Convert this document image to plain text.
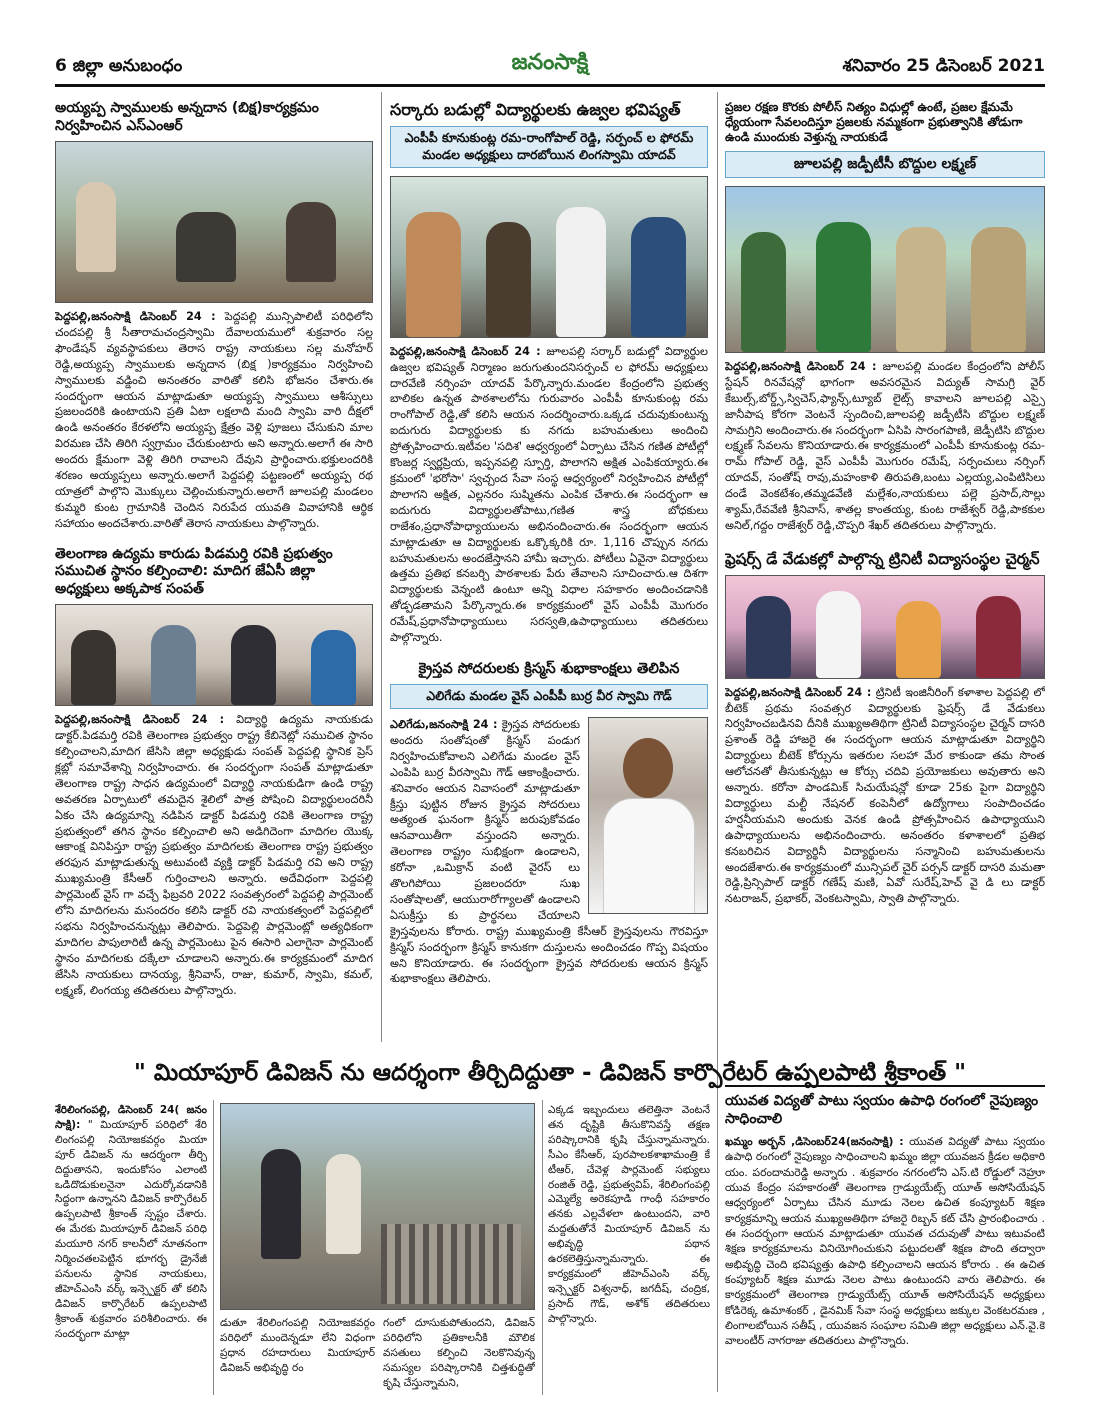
6 జిల్లా అనుబంధం	జనంసాక్షి	శనివారం 25 డిసెంబర్ 2021
అయ్యప్ప స్వాములకు అన్నదాన (బిక్ష)కార్యక్రమం నిర్వహించిన ఎస్ఎంఆర్

పెద్దపల్లి,జనంసాక్షి డిసెంబర్ 24 : పెద్దపల్లి మున్సిపాలిటీ పరిధిలోని చందపల్లి శ్రీ సీతారామచంద్రస్వామి దేవాలయములో శుక్రవారం సల్ల ఫౌండేషన్ వ్యవస్థాపకులు తెరాస రాష్ట్ర నాయకులు సల్ల మనోహర్ రెడ్డి,అయ్యప్ప స్వాములకు అన్నదాన (బిక్ష )కార్యక్రమం నిర్వహించి స్వాములకు వడ్డించి అనంతరం వారితో కలిసి భోజనం చేశారు.ఈ సందర్భంగా ఆయన మాట్లాడుతూ అయ్యప్ప స్వాములు ఆశీస్సులు ప్రజలందరికి ఉంటాయని ప్రతి ఏటా లక్షలాది మంది స్వామి వారి దీక్షలో ఉండి అనంతరం కేరళలోని అయ్యప్ప క్షేత్రం వెళ్లి పూజలు చేసుకుని మాల విరమణ చేసి తిరిగి స్వగ్రామం చేరుకుంటారు అని అన్నారు.అలాగే ఈ సారి అందరు క్షేమంగా వెళ్లి తిరిగి రావాలని దేవుని ప్రార్థించారు.భక్తులందరికి శరణం అయ్యప్పలు అన్నారు.అలాగే పెద్దపల్లి పట్టణంలో అయ్యప్ప రథ యాత్రలో పాల్గొని మొక్కులు చెల్లించుకున్నారు.అలాగే జూలపల్లి మండలం కుమ్మరి కుంట గ్రామానికి చెందిన నిరుపేద యువతి వివాహానికి ఆర్థిక సహాయం అందచేశారు.వారితో తెరాస నాయకులు పాల్గొన్నారు.

తెలంగాణ ఉద్యమ కారుడు పిడమర్తి రవికి ప్రభుత్వం సముచిత స్థానం కల్పించాలి: మాదిగ జేఏసీ జిల్లా అధ్యక్షులు అక్కపాక సంపత్

పెద్దపల్లి,జనంసాక్షి డిసెంబర్ 24 : విద్యార్థి ఉద్యమ నాయకుడు డాక్టర్.పిడమర్తి రవికి తెలంగాణ ప్రభుత్వం రాష్ట్ర కేబినెట్లో సముచిత స్థానం కల్పించాలని,మాదిగ జేసిసి జిల్లా అధ్యక్షుడు సంపత్ పెద్దపల్లి స్థానిక ప్రెస్ క్లబ్లో సమావేశాన్ని నిర్వహించారు. ఈ సందర్భంగా సంపత్ మాట్లాడుతూ తెలంగాణ రాష్ట్ర సాధన ఉద్యమంలో విద్యార్థి నాయకుడిగా ఉండి రాష్ట్ర అవతరణ ఏర్పాటులో తమదైన శైలిలో పాత్ర పోషించి విద్యార్థులందరినీ ఏకం చేసి ఉద్యమాన్ని నడిపిన డాక్టర్ పిడమర్తి రవికి తెలంగాణ రాష్ట్ర ప్రభుత్వంలో తగిన స్థానం కల్పించాలి అని అడిగిదెంగా మాదిగల యొక్క ఆకాంక్ష వినిపిస్తూ రాష్ట్ర ప్రభుత్వం మాదిగలకు తెలంగాణ రాష్ట్ర ప్రభుత్వం తరఫున మాట్లాడుతున్న అటువంటి వ్యక్తి డాక్టర్ పిడమర్తి రవి అని రాష్ట్ర ముఖ్యమంత్రి కేసీఆర్ గుర్తించాలని అన్నారు. అదేవిధంగా పెద్దపల్లి పార్లమెంట్ వైస్ గా వచ్చే ఫిబ్రవరి 2022 సంవత్సరంలో పెద్దపల్లి పార్లమెంట్ లోని మాదిగలను మసందరం కలిసి డాక్టర్ రవి నాయకత్వంలో పెద్దపల్లిలో సభను నిర్వహించనున్నట్లు తెలిపారు. పెద్దపెల్లి పార్లమెంట్లో అత్యధికంగా మాదిగల పాపులారిటీ ఉన్న పార్లమెంటు పైన ఈసారి ఎలాగైనా పార్లమెంట్ స్థానం మాదిగలకు దక్కేలా చూడాలని అన్నారు.ఈ కార్యక్రమంలో మాదిగ జేసిసి నాయకులు దానయ్య, శ్రీనివాస్, రాజు, కుమార్, స్వామి, కమల్, లక్ష్మణ్, లింగయ్య తదితరులు పాల్గొన్నారు.

సర్కారు బడుల్లో విద్యార్థులకు ఉజ్వల భవిష్యత్
ఎంపీపీ కూనుకుంట్ల రమ-రాంగోపాల్ రెడ్డి, సర్పంచ్ ల ఫోరమ్ మండల అధ్యక్షులు దారబోయిన లింగస్వామి యాదవ్

పెద్దపల్లి,జనంసాక్షి డిసెంబర్ 24 : జూలపల్లి సర్కార్ బడుల్లో విద్యార్థుల ఉజ్వల భవిష్యత్ నిర్మాణం జరుగుతుందనిసర్పంచ్ ల ఫోరమ్ అధ్యక్షులు దారవేణి నర్సింహ యాదవ్ పేర్కొన్నారు.మండల కేంద్రంలోని ప్రభుత్వ బాలికల ఉన్నత పాఠశాలలోను గురువారం ఎంపీపీ కూనుకుంట్ల రమ రాంగోపాల్ రెడ్డి,తో కలిసి ఆయన సందర్శించారు.ఒక్కడ చదువుకుంటున్న ఐదుగురు విద్యార్థులకు కు నగదు బహుమతులు అందించి ప్రోత్సహించారు.ఇటీవల 'సదిశ' ఆధ్వర్యంలో ఏర్పాటు చేసిన గణిత పోటీల్లో కొంజర్ల స్వర్ణప్రియ, ఇప్పనపల్లి స్పూర్తి, పొలాగని అక్షిత ఎంపికయ్యారు.ఈ క్రమంలో 'భరోసా' స్వచ్చంద సేవా సంస్థ ఆధ్వర్యంలో నిర్వహించిన పోటీల్లో పొలాగని అక్షిత, ఎల్లనరం సుష్మితను ఎంపిక చేశారు.ఈ సందర్భంగా ఆ ఐదుగురు విద్యార్థులతోపాటు,గణిత శాస్త్ర బోధకులు రాజేశం,ప్రధానోపాధ్యాయులను అభినందించారు.ఈ సందర్భంగా ఆయన మాట్లాడుతూ ఆ విద్యార్థులకు ఒక్కొక్కరికి రూ. 1,116 చొప్పున నగదు బహుమతులను అందజేస్తానని హామీ ఇచ్చారు. పోటీలు ఏవైనా విద్యార్థులు ఉత్తమ ప్రతిభ కనబర్చి పాఠశాలకు పేరు తేవాలని సూచించారు.ఆ దిశగా విద్యార్థులకు వెన్నంటి ఉంటూ అన్ని విధాల సహకారం అందించడానికి తోడ్పడతామని పేర్కొన్నారు.ఈ కార్యక్రమంలో వైస్ ఎంపీపీ మొగురం రమేష్,ప్రధానోపాధ్యాయులు సరస్వతి,ఉపాధ్యాయులు తదితరులు పాల్గొన్నారు.

క్రైస్తవ సోదరులకు క్రిస్మస్ శుభాకాంక్షలు తెలిపిన
ఎలిగేడు మండల వైస్ ఎంపీపీ బుర్ర వీర స్వామి గౌడ్

ఎలిగేడు,జనంసాక్షి 24 : క్రైస్తవ సోదరులకు అందరు సంతోషంతో క్రిస్మస్ పండుగ నిర్వహించుకోవాలని ఎలిగేడు మండల వైస్ ఎంపిపి బుర్ర వీరస్వామి గౌడ్ ఆకాంక్షించారు. శనివారం ఆయన నివాసంలో మాట్లాడుతూ క్రీస్తు పుట్టిన రోజున క్రైస్తవ సోదరులు అత్యంత ఘనంగా క్రిస్మస్ జరుపుకోవడం ఆనవాయితీగా వస్తుందని అన్నారు. తెలంగాణ రాష్ట్రం సుభిక్షంగా ఉండాలని, కరోనా ,ఒమిక్రాన్ వంటి వైరస్ లు తొలగిపోయి ప్రజలందరూ సుఖ సంతోషాలతో, ఆయురారోగ్యాలతో ఉండాలని ఏసుక్రీస్తు కు ప్రార్థనలు చేయాలని క్రైస్తవులను కోరారు. రాష్ట్ర ముఖ్యమంత్రి కేసీఆర్ క్రైస్తవులను గౌరవిస్తూ క్రిస్మస్ సందర్భంగా క్రిస్మస్ కానుకగా దుస్తులను అందించడం గొప్ప విషయం అని కొనియాడారు. ఈ సందర్భంగా క్రైస్తవ సోదరులకు ఆయన క్రిస్మస్ శుభాకాంక్షలు తెలిపారు.

ప్రజల రక్షణ కొరకు పోలీస్ నిత్యం విధుల్లో ఉంటే, ప్రజల క్షేమమే ధ్యేయంగా సేవలందిస్తూ ప్రజలకు నమ్మకంగా ప్రభుత్వానికి తోడుగా ఉండి ముందుకు వెళ్తున్న నాయకుడే
జూలపల్లి జడ్పీటీసీ బొద్దుల లక్ష్మణ్

పెద్దపల్లి,జనంసాక్షి డిసెంబర్ 24 : జూలపల్లి మండల కేంద్రంలోని పోలీస్ స్టేషన్ రినవేషన్లో భాగంగా అవసరమైన విద్యుత్ సామగ్రి వైర్ కేబుల్స్,బోర్డ్స్,స్విచెస్,ఫ్యాన్స్,ట్యూబ్ లైట్స్ కావాలని జూలపల్లి ఎస్సై జానీపాష కోరగా వెంటనే స్పందించి,జూలపల్లి జడ్పీటీసి బొద్దుల లక్ష్మణ్ సామగ్రిని అందించారు.ఈ సందర్భంగా ఏసిపి సారంగపాణి, జెడ్పీటిసి బొద్దుల లక్ష్మణ్ సేవలను కొనియాడారు.ఈ కార్యక్రమంలో ఎంపీపీ కూనుకుంట్ల రమ- రామ్ గోపాల్ రెడ్డి, వైస్ ఎంపీపీ మొగురం రమేష్, సర్పంచులు నర్సింగ్ యాదవ్, సంతోష్ రావు,మహంకాళి తిరుపతి,బంటు ఎల్లయ్య,ఎంపిటిసిలు దండే వెంకటేశం,తమ్మడవేణి మల్లేశం,నాయకులు పల్లె ప్రసాద్,సొల్లు శ్యామ్,రేవవేణి శ్రీనివాస్, శాతల్ల కాంతయ్య, కుంట రాజేశ్వర్ రెడ్డి,పాకకుల అనిల్,గద్దం రాజేశ్వర్ రెడ్డి,చొప్పరి శేఖర్ తదితరులు పాల్గొన్నారు.

ఫ్రెషర్స్ డే వేడుకల్లో పాల్గొన్న ట్రినిటీ విద్యాసంస్థల చైర్మన్

పెద్దపల్లి,జనంసాక్షి డిసెంబర్ 24 : ట్రినిటీ ఇంజినీరింగ్ కళాశాల పెద్దపల్లి లో బీటెక్ ప్రథమ సంవత్సర విద్యార్థులకు ఫ్రెషర్స్ డే వేడుకలు నిర్వహించబడినవి దీనికి ముఖ్యఅతిథిగా ట్రినిటీ విద్యాసంస్థల చైర్మన్ దాసరి ప్రశాంత్ రెడ్డి హాజరై ఈ సందర్భంగా ఆయన మాట్లాడుతూ విద్యార్థిని విద్యార్థులు బీటెక్ కోర్సును ఇతరుల సలహా మేర కాకుండా తమ సొంత ఆలోచనతో తీసుకున్నట్లు ఆ కోర్సు చదివి ప్రయోజకులు అవుతారు అని అన్నారు. కరోనా పాండమిక్ సిచుయేషన్లో కూడా 25కు పైగా విద్యార్థిని విద్యార్థులు మల్టీ నేషనల్ కంపెనీలో ఉద్యోగాలు సంపాదించడం హర్షనీయమని అందుకు వెనక ఉండి ప్రోత్సహించిన ఉపాధ్యాయుని ఉపాధ్యాయులను అభినందించారు. అనంతరం కళాశాలలో ప్రతిభ కనబరిచిన విద్యార్థినీ విద్యార్థులను సన్మానించి బహుమతులను అందజేశారు.ఈ కార్యక్రమంలో మున్సిపల్ చైర్ పర్సన్ డాక్టర్ దాసరి మమతా రెడ్డి,ప్రిన్సిపాల్ డాక్టర్ గణేష్ మణి, ఏవో సురేష్,హెచ్ వై డి లు డాక్టర్ నటరాజన్, ప్రభాకర్, వెంకటస్వామి, స్వాతి పాల్గొన్నారు.

" మియాపూర్ డివిజన్ ను ఆదర్శంగా తీర్చిదిద్దుతా - డివిజన్ కార్పొరేటర్ ఉప్పలపాటి శ్రీకాంత్ "

శేరిలింగంపల్లి, డిసెంబర్ 24( జనం సాక్షి): " మియాపూర్ పరిధిలో శేరి లింగంపల్లి నియోజకవర్గం మియా పూర్ డివిజన్ ను ఆదర్శంగా తీర్చి దిద్దుతానని, ఇందుకోసం ఎలాంటి ఒడిదొడుకులనైనా ఎదుర్కోవడానికి సిద్ధంగా ఉన్నానని డివిజన్ కార్పొరేటర్ ఉప్పలపాటి శ్రీకాంత్ స్పష్టం చేశారు. ఈ మేరకు మియాపూర్ డివిజన్ పరిధి మయూరి నగర్ కాలనీలో నూతనంగా నిర్మించతలపెట్టిన భూగర్భ డ్రైనేజీ పనులను స్థానిక నాయకులు, జీహెచ్ఎంసి వర్క్ ఇన్స్పెక్టర్ తో కలిసి డివిజన్ కార్పొరేటర్ ఉప్పలపాటి శ్రీకాంత్ శుక్రవారం పరిశీలించారు. ఈ సందర్భంగా మాట్లా

డుతూ శేరిలింగంపల్లి నియోజకవర్గం పరిధిలో ముందెన్నడూ లేని విధంగా ప్రధాన రహదారులు మియాపూర్ డివిజన్ అభివృద్ధి రం

గంలో దూసుకుపోతుందని, డివిజన్ పరిధిలోని ప్రతికాలనీకి మౌలిక వసతులు కల్పించి నెలకొనివున్న సమస్యల పరిష్కారానికి చిత్తశుద్ధితో కృషి చేస్తున్నామని,

ఎక్కడ ఇబ్బందులు తలెత్తినా వెంటనే తన దృష్టికి తీసుకొనివస్తే తక్షణ పరిష్కారానికి కృషి చేస్తున్నామన్నారు. సీఎం కేసీఆర్, పురపాలకశాఖామంత్రి కే టీఆర్, చేవెళ్ల పార్లమెంట్ సభ్యులు రంజిత్ రెడ్డి, ప్రభుత్వవిప్, శేరిలింగంపల్లి ఎమ్మెల్యే అరెకపూడి గాంధీ సహకారం తనకు ఎల్లవేళలా ఉంటుందని, వారి మద్దతుతోనే మియాపూర్ డివిజన్ ను అభివృద్ధి పథాన ఉరకలెత్తిస్తున్నామన్నారు. ఈ కార్యక్రమంలో జీహెచ్ఎంసి వర్క్ ఇన్స్పెక్టర్ విశ్వనాధ్, జగదీష్, చంద్రిక, ప్రసాద్ గౌడ్, అశోక్ తదితరులు పాల్గొన్నారు.

యువత విద్యతో పాటు స్వయం ఉపాధి రంగంలో నైపుణ్యం సాధించాలి

ఖమ్మం అర్బన్ ,డిసెంబర్24(జనంసాక్షి) : యువత విద్యతో పాటు స్వయం ఉపాధి రంగంలో నైపుణ్యం సాధించాలని ఖమ్మం జిల్లా యువజన క్రీడల అధికారి యం. పరందామరెడ్డి అన్నారు . శుక్రవారం నగరంలోని ఎస్.టి రోడ్డులో నెహ్రూ యువ కేంద్రం సహకారంతో తెలంగాణ గ్రాడ్యుయేట్స్ యూత్ అసోసియేషన్ ఆధ్వర్యంలో ఏర్పాటు చేసిన మూడు నెలల ఉచిత కంప్యూటర్ శిక్షణ కార్యక్రమాన్ని ఆయన ముఖ్యఅతిథిగా హాజరై రిబ్బన్ కట్ చేసి ప్రారంభించారు . ఈ సందర్భంగా ఆయన మాట్లాడుతూ యువత చదువుతో పాటు ఇటువంటి శిక్షణ కార్యక్రమాలను వినియోగించుకుని పట్టుదలతో శిక్షణ పొంది తద్వారా అభివృద్ధి చెంది భవిష్యత్తు ఉపాధి కల్పించాలని ఆయన కోరారు . ఈ ఉచిత కంప్యూటర్ శిక్షణ మూడు నెలల పాటు ఉంటుందని వారు తెలిపారు. ఈ కార్యక్రమంలో తెలంగాణ గ్రాడ్యుయేట్స్ యూత్ అసోసియేషన్ అధ్యక్షులు కోడిరెక్క ఉమాశంకర్ , డైనమిక్ సేవా సంస్థ అధ్యక్షులు జక్కుల వెంకటరమణ , లింగాలబోయిన సతీష్ , యువజన సంఘాల సమితి జిల్లా అధ్యక్షులు ఎన్.వై.కె వాలంటీర్ నాగరాజు తదితరులు పాల్గొన్నారు.
